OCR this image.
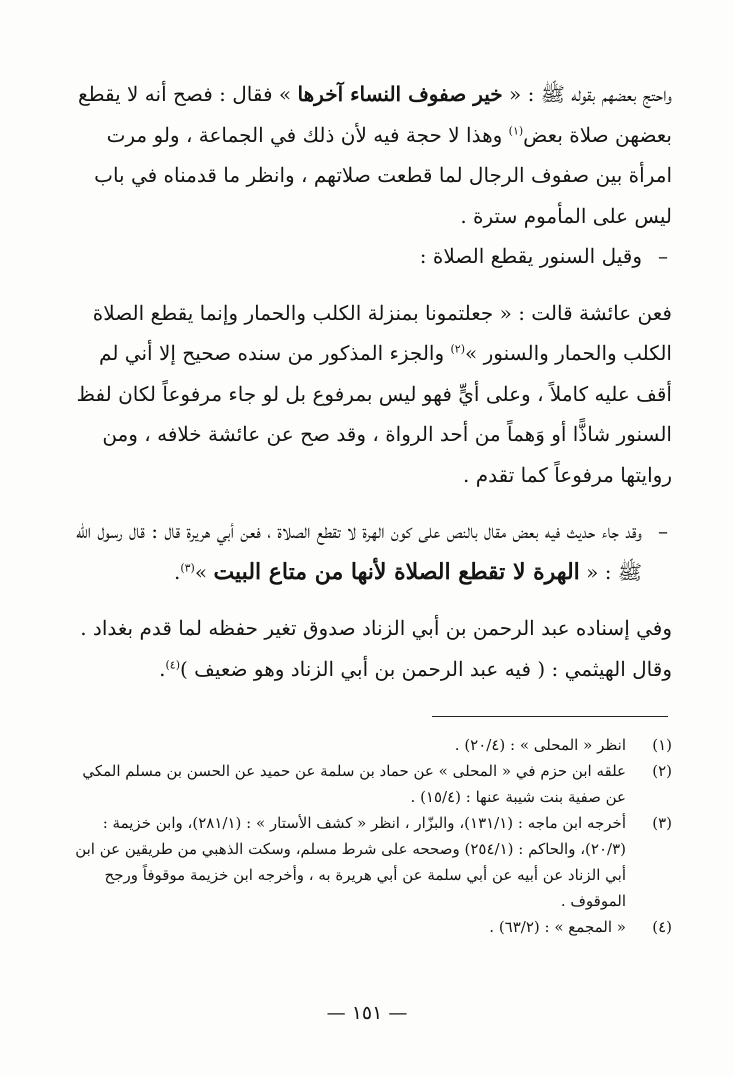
واحتج بعضهم بقوله ﷺ : « خير صفوف النساء آخرها » فقال : فصح أنه لا يقطع بعضهن صلاة بعض$^{(١)}$ وهذا لا حجة فيه لأن ذلك في الجماعة ، ولو مرت امرأة بين صفوف الرجال لما قطعت صلاتهم ، وانظر ما قدمناه في باب ليس على المأموم سترة .

–
وقيل السنور يقطع الصلاة :

فعن عائشة قالت : « جعلتمونا بمنزلة الكلب والحمار وإنما يقطع الصلاة الكلب والحمار والسنور »$^{(٢)}$ والجزء المذكور من سنده صحيح إلا أني لم أقف عليه كاملاً ، وعلى أيٍّ فهو ليس بمرفوع بل لو جاء مرفوعاً لكان لفظ السنور شاذًّا أو وَهماً من أحد الرواة ، وقد صح عن عائشة خلافه ، ومن روايتها مرفوعاً كما تقدم .

–
وقد جاء حديث فيه بعض مقال بالنص على كون الهرة لا تقطع الصلاة ، فعن أبي هريرة قال : قال رسول الله ﷺ : « الهرة لا تقطع الصلاة لأنها من متاع البيت »$^{(٣)}$.

وفي إسناده عبد الرحمن بن أبي الزناد صدوق تغير حفظه لما قدم بغداد . وقال الهيثمي : ( فيه عبد الرحمن بن أبي الزناد وهو ضعيف )$^{(٤)}$.

(١)
انظر « المحلى » : (٢٠/٤) .
(٢)
علقه ابن حزم في « المحلى » عن حماد بن سلمة عن حميد عن الحسن بن مسلم المكي عن صفية بنت شيبة عنها : (١٥/٤) .
(٣)
أخرجه ابن ماجه : (١٣١/١)، والبزّار ، انظر « كشف الأستار » : (٢٨١/١)، وابن خزيمة : (٢٠/٣)، والحاكم : (٢٥٤/١) وصححه على شرط مسلم، وسكت الذهبي من طريقين عن ابن أبي الزناد عن أبيه عن أبي سلمة عن أبي هريرة به ، وأخرجه ابن خزيمة موقوفاً ورجح الموقوف .
(٤)
« المجمع » : (٦٣/٢) .
— ١٥١ —
